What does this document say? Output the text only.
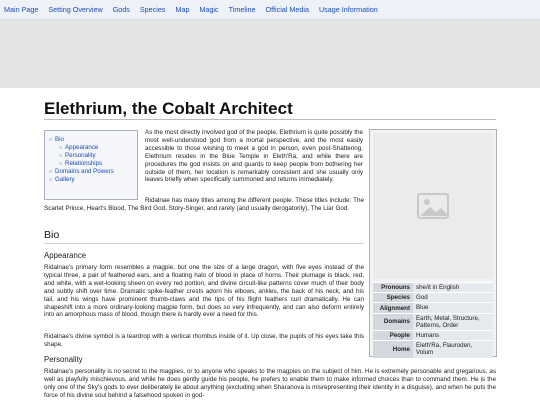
Main Page Setting Overview Gods Species Map Magic Timeline Official Media Usage Information
Elethrium, the Cobalt Architect
○ Bio
○ Appearance
○ Personality
○ Relationships
○ Domains and Powers
○ Gallery
As the most directly involved god of the people, Elethrium is quite possibly the most well-understood god from a mortal perspective, and the most easily accessible to those wishing to meet a god in person, even post-Shattering. Elethrium resides in the Blue Temple in Eleth'Ra, and while there are procedures the god insists on and guards to keep people from bothering her outside of them, her location is remarkably consistent and she usually only leaves briefly when specifically summoned and returns immediately.
Ridalnae has many titles among the different people. These titles include: The Scarlet Prince, Heart's Blood, The Bird God, Story-Singer, and rarely (and usually derogatorily), The Liar God.
Bio
Appearance
Ridalnae's primary form resembles a magpie, but one the size of a large dragon, with five eyes instead of the typical three, a pair of feathered ears, and a floating halo of blood in place of horns. Their plumage is black, red, and white, with a wet-looking sheen on every red portion, and divine circuit-like patterns cover much of their body and subtly shift over time. Dramatic spike-feather crests adorn his elbows, ankles, the back of his neck, and his tail, and his wings have prominent thumb-claws and the tips of his flight feathers curl dramatically. He can shapeshift into a more ordinary-looking magpie form, but does so very infrequently, and can also deform entirely into an amorphous mass of blood, though there is hardly ever a need for this.
Ridalnae's divine symbol is a teardrop with a vertical rhombus inside of it. Up close, the pupils of his eyes take this shape.
Personality
Ridalnae's personality is no secret to the magpies, or to anyone who speaks to the magpies on the subject of him. He is extremely personable and gregarious, as well as playfully mischievous, and while he does gently guide his people, he prefers to enable them to make informed choices than to command them. He is the only one of the Sky's gods to ever deliberately lie about anything (excluding when Sharanova is misrepresenting their identity in a disguise), and when he puts the force of his divine soul behind a falsehood spoken in god-
Pronouns she/it in English
Species God
Alignment Blue
Domains
Earth, Metal, Structure, Patterns, Order
People Humans
Home
Eleth'Ra, Flauroden, Volum
